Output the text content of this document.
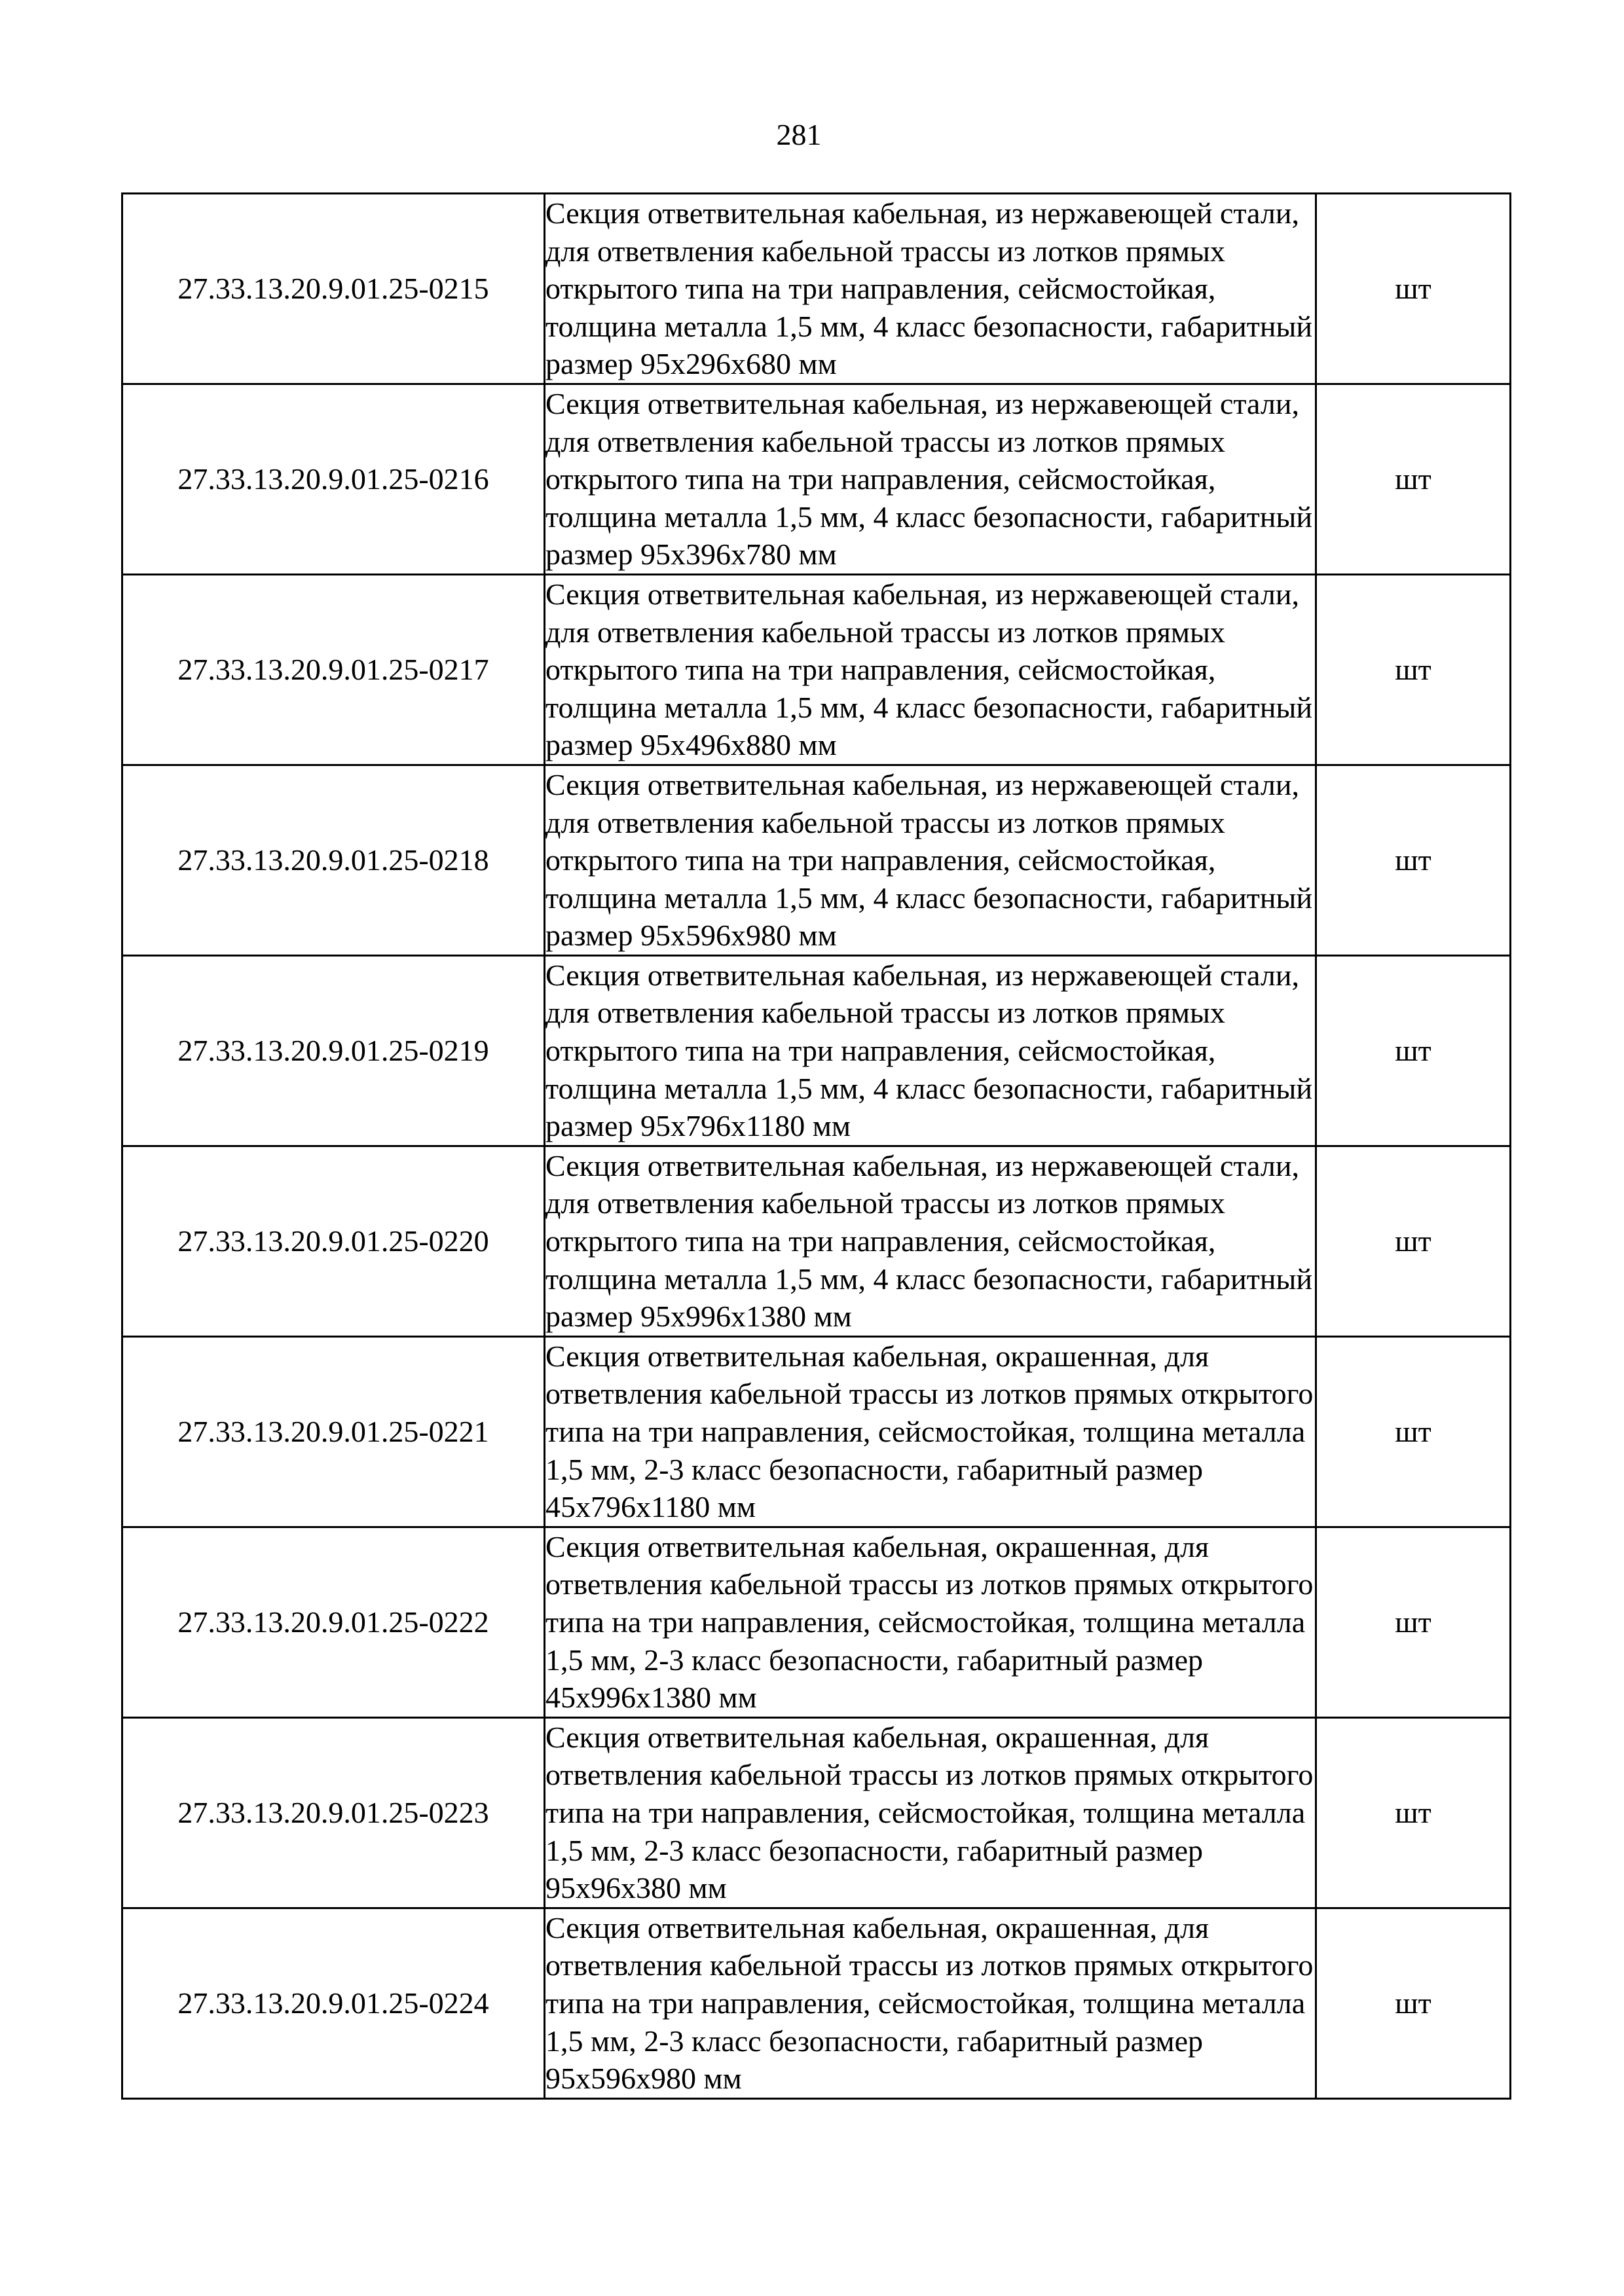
281
27.33.13.20.9.01.25-0215	Секция ответвительная кабельная, из нержавеющей стали, для ответвления кабельной трассы из лотков прямых открытого типа на три направления, сейсмостойкая, толщина металла 1,5 мм, 4 класс безопасности, габаритный размер 95х296х680 мм	шт
27.33.13.20.9.01.25-0216	Секция ответвительная кабельная, из нержавеющей стали, для ответвления кабельной трассы из лотков прямых открытого типа на три направления, сейсмостойкая, толщина металла 1,5 мм, 4 класс безопасности, габаритный размер 95х396х780 мм	шт
27.33.13.20.9.01.25-0217	Секция ответвительная кабельная, из нержавеющей стали, для ответвления кабельной трассы из лотков прямых открытого типа на три направления, сейсмостойкая, толщина металла 1,5 мм, 4 класс безопасности, габаритный размер 95х496х880 мм	шт
27.33.13.20.9.01.25-0218	Секция ответвительная кабельная, из нержавеющей стали, для ответвления кабельной трассы из лотков прямых открытого типа на три направления, сейсмостойкая, толщина металла 1,5 мм, 4 класс безопасности, габаритный размер 95х596х980 мм	шт
27.33.13.20.9.01.25-0219	Секция ответвительная кабельная, из нержавеющей стали, для ответвления кабельной трассы из лотков прямых открытого типа на три направления, сейсмостойкая, толщина металла 1,5 мм, 4 класс безопасности, габаритный размер 95х796х1180 мм	шт
27.33.13.20.9.01.25-0220	Секция ответвительная кабельная, из нержавеющей стали, для ответвления кабельной трассы из лотков прямых открытого типа на три направления, сейсмостойкая, толщина металла 1,5 мм, 4 класс безопасности, габаритный размер 95х996х1380 мм	шт
27.33.13.20.9.01.25-0221	Секция ответвительная кабельная, окрашенная, для ответвления кабельной трассы из лотков прямых открытого типа на три направления, сейсмостойкая, толщина металла 1,5 мм, 2-3 класс безопасности, габаритный размер 45х796х1180 мм	шт
27.33.13.20.9.01.25-0222	Секция ответвительная кабельная, окрашенная, для ответвления кабельной трассы из лотков прямых открытого типа на три направления, сейсмостойкая, толщина металла 1,5 мм, 2-3 класс безопасности, габаритный размер 45х996х1380 мм	шт
27.33.13.20.9.01.25-0223	Секция ответвительная кабельная, окрашенная, для ответвления кабельной трассы из лотков прямых открытого типа на три направления, сейсмостойкая, толщина металла 1,5 мм, 2-3 класс безопасности, габаритный размер 95х96х380 мм	шт
27.33.13.20.9.01.25-0224	Секция ответвительная кабельная, окрашенная, для ответвления кабельной трассы из лотков прямых открытого типа на три направления, сейсмостойкая, толщина металла 1,5 мм, 2-3 класс безопасности, габаритный размер 95х596х980 мм	шт
